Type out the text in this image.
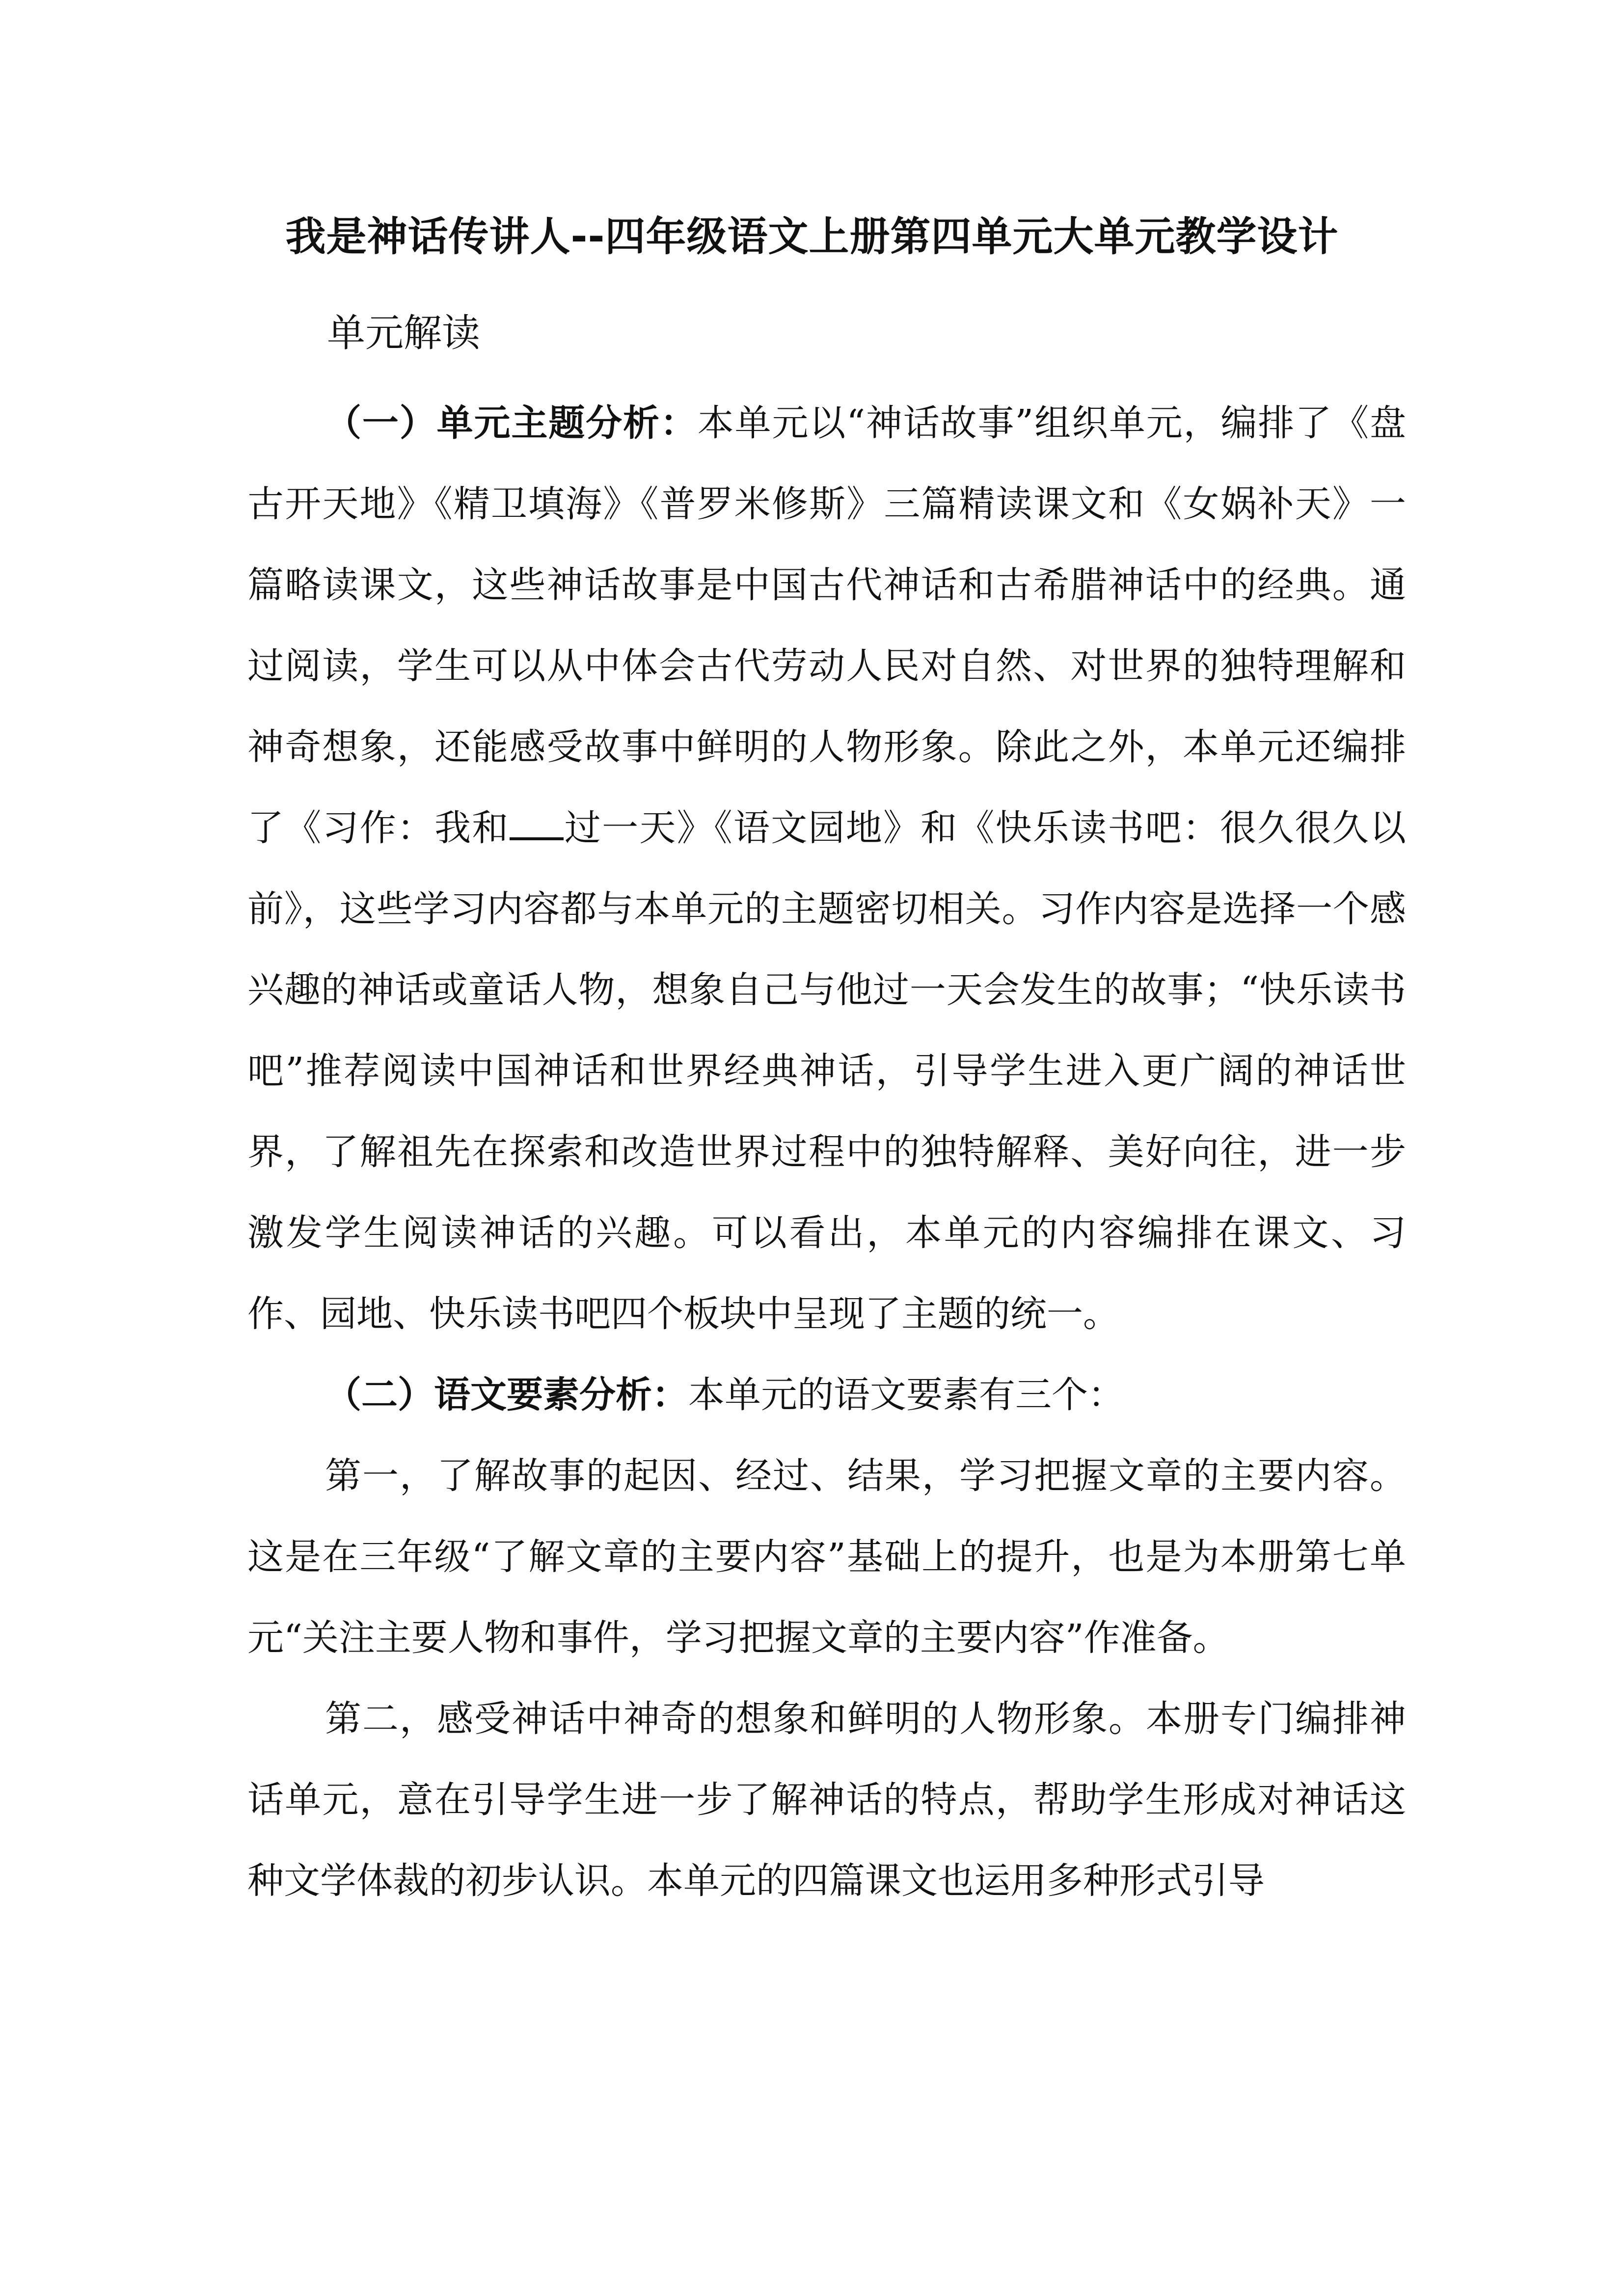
我是神话传讲人--四年级语文上册第四单元大单元教学设计
单元解读

（一）单元主题分析：本单元以“神话故事”组织单元，编排了《盘古开天地》《精卫填海》《普罗米修斯》三篇精读课文和《女娲补天》一篇略读课文，这些神话故事是中国古代神话和古希腊神话中的经典。通过阅读，学生可以从中体会古代劳动人民对自然、对世界的独特理解和神奇想象，还能感受故事中鲜明的人物形象。除此之外，本单元还编排了《习作：我和 过一天》《语文园地》和《快乐读书吧：很久很久以前》，这些学习内容都与本单元的主题密切相关。习作内容是选择一个感兴趣的神话或童话人物，想象自己与他过一天会发生的故事；“快乐读书吧”推荐阅读中国神话和世界经典神话，引导学生进入更广阔的神话世界，了解祖先在探索和改造世界过程中的独特解释、美好向往，进一步激发学生阅读神话的兴趣。可以看出，本单元的内容编排在课文、习作、园地、快乐读书吧四个板块中呈现了主题的统一。

（二）语文要素分析：本单元的语文要素有三个：

第一，了解故事的起因、经过、结果，学习把握文章的主要内容。这是在三年级“了解文章的主要内容”基础上的提升，也是为本册第七单元“关注主要人物和事件，学习把握文章的主要内容”作准备。

第二，感受神话中神奇的想象和鲜明的人物形象。本册专门编排神话单元，意在引导学生进一步了解神话的特点，帮助学生形成对神话这种文学体裁的初步认识。本单元的四篇课文也运用多种形式引导
